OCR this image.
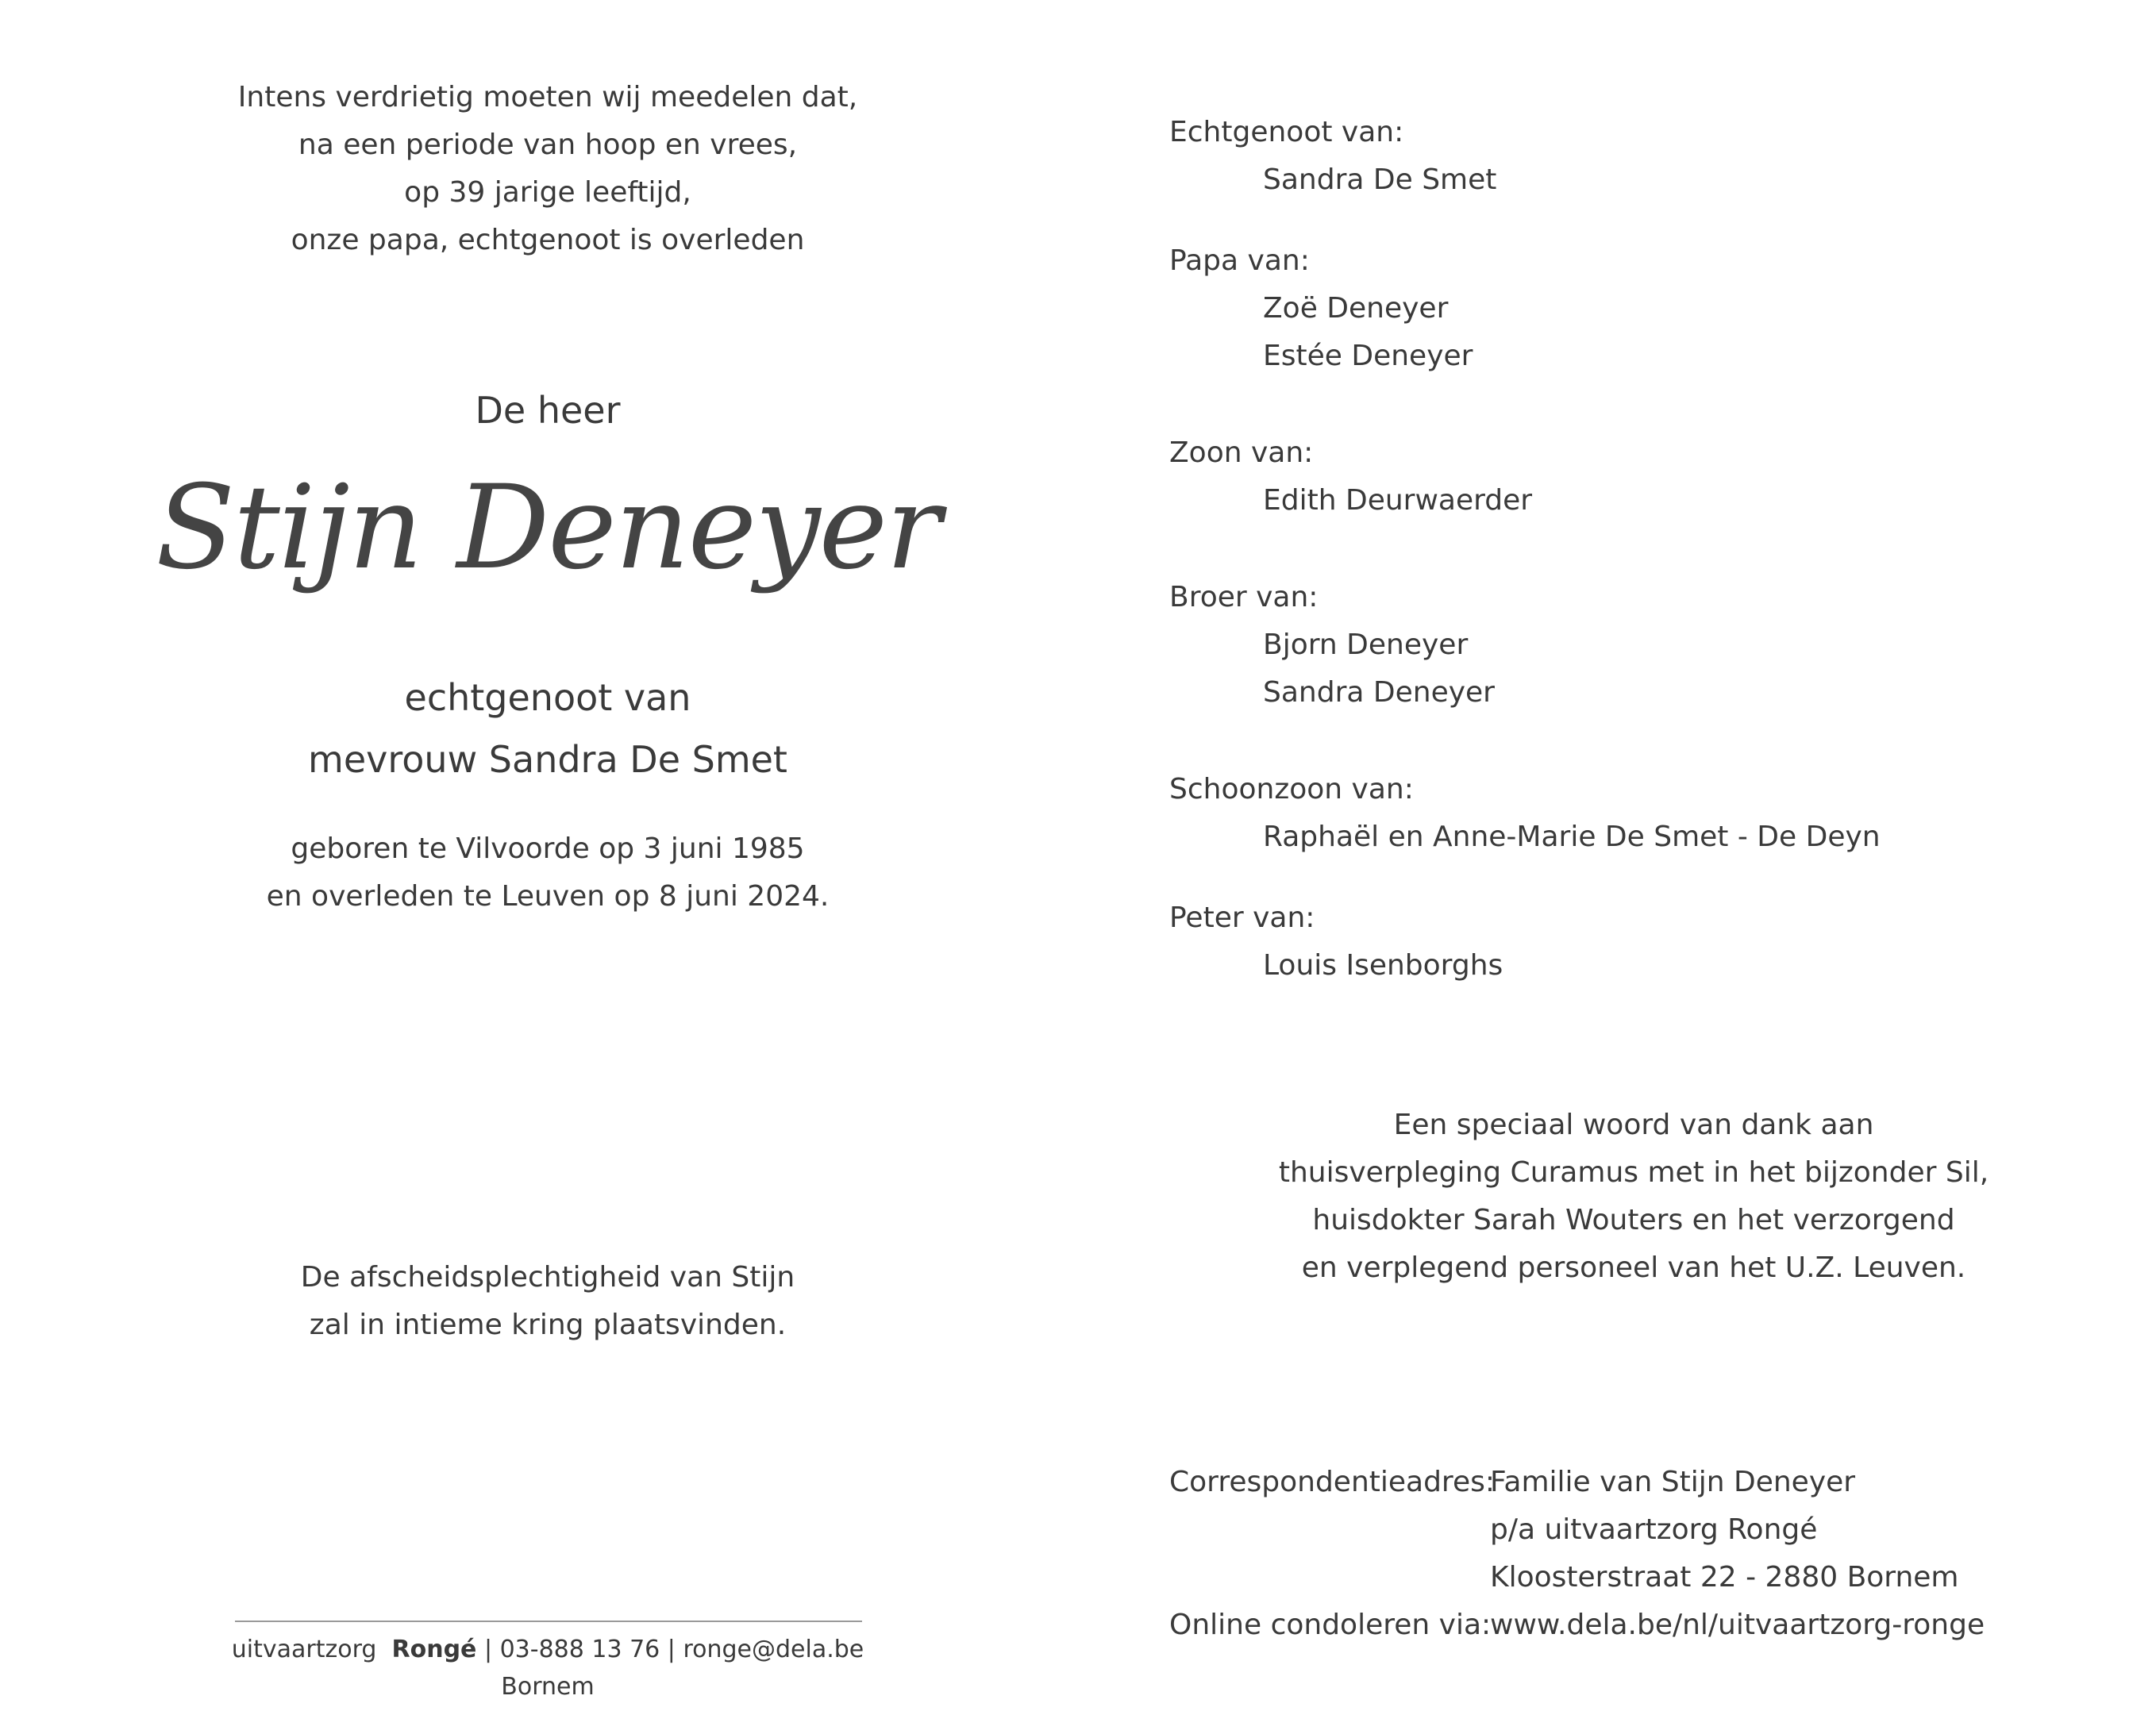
Intens verdrietig moeten wij meedelen dat,
na een periode van hoop en vrees,
op 39 jarige leeftijd,
onze papa, echtgenoot is overleden
De heer
Stijn Deneyer
echtgenoot van
mevrouw Sandra De Smet
geboren te Vilvoorde op 3 juni 1985
en overleden te Leuven op 8 juni 2024.
De afscheidsplechtigheid van Stijn
zal in intieme kring plaatsvinden.
uitvaartzorg Rongé | 03-888 13 76 | ronge@dela.be
Bornem
Echtgenoot van:
Sandra De Smet
Papa van:
Zoë Deneyer
Estée Deneyer
Zoon van:
Edith Deurwaerder
Broer van:
Bjorn Deneyer
Sandra Deneyer
Schoonzoon van:
Raphaël en Anne-Marie De Smet - De Deyn
Peter van:
Louis Isenborghs
Een speciaal woord van dank aan
thuisverpleging Curamus met in het bijzonder Sil,
huisdokter Sarah Wouters en het verzorgend
en verplegend personeel van het U.Z. Leuven.
Correspondentieadres:
Familie van Stijn Deneyer
p/a uitvaartzorg Rongé
Kloosterstraat 22 - 2880 Bornem
Online condoleren via:
www.dela.be/nl/uitvaartzorg-ronge
